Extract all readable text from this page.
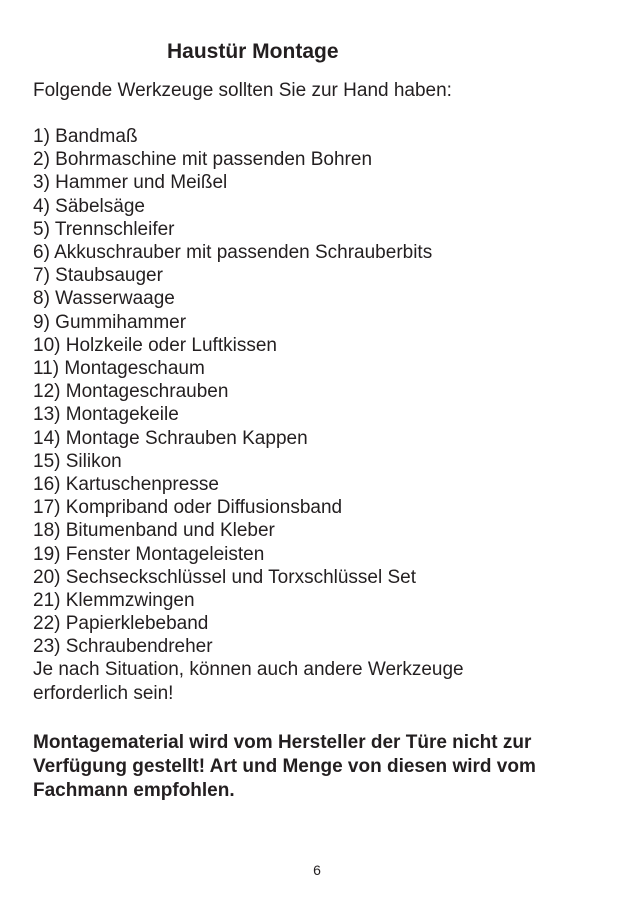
Haustür Montage

Folgende Werkzeuge sollten Sie zur Hand haben:

1) Bandmaß
2) Bohrmaschine mit passenden Bohren
3) Hammer und Meißel
4) Säbelsäge
5) Trennschleifer
6) Akkuschrauber mit passenden Schrauberbits
7) Staubsauger
8) Wasserwaage
9) Gummihammer
10) Holzkeile oder Luftkissen
11) Montageschaum
12) Montageschrauben
13) Montagekeile
14) Montage Schrauben Kappen
15) Silikon
16) Kartuschenpresse
17) Kompriband oder Diffusionsband
18) Bitumenband und Kleber
19) Fenster Montageleisten
20) Sechseckschlüssel und Torxschlüssel Set
21) Klemmzwingen
22) Papierklebeband
23) Schraubendreher

Je nach Situation, können auch andere Werkzeuge
erforderlich sein!

Montagematerial wird vom Hersteller der Türe nicht zur
Verfügung gestellt! Art und Menge von diesen wird vom
Fachmann empfohlen.

6
